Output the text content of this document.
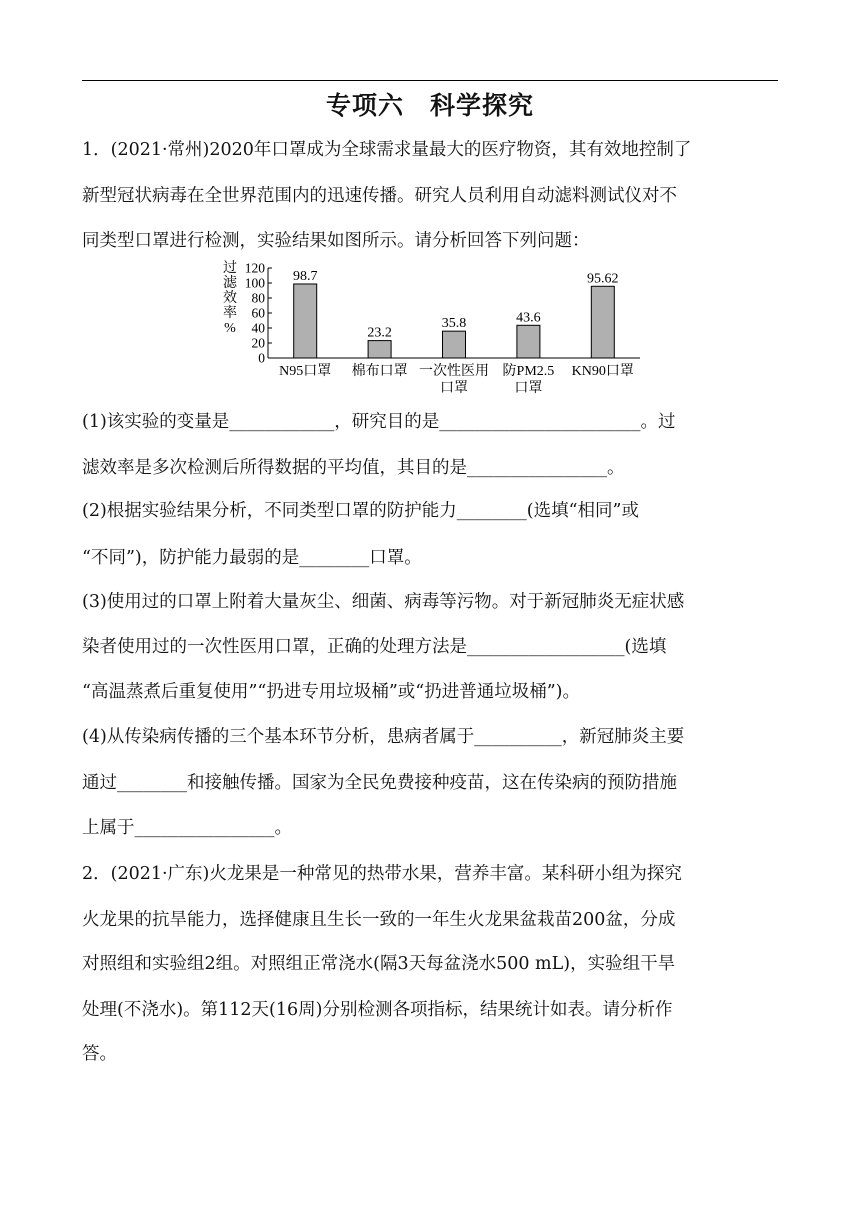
专项六　科学探究
1．(2021·常州)2020年口罩成为全球需求量最大的医疗物资，其有效地控制了
新型冠状病毒在全世界范围内的迅速传播。研究人员利用自动滤料测试仪对不
同类型口罩进行检测，实验结果如图所示。请分析回答下列问题：
过
滤
效
率
%
0
20
40
60
80
100
120
98.7
N95口罩
23.2
棉布口罩
35.8
一次性医用
口罩
43.6
防PM2.5
口罩
95.62
KN90口罩
(1)该实验的变量是____________，研究目的是_______________________。过
滤效率是多次检测后所得数据的平均值，其目的是________________。
(2)根据实验结果分析，不同类型口罩的防护能力________(选填“相同”或
“不同”)，防护能力最弱的是________口罩。
(3)使用过的口罩上附着大量灰尘、细菌、病毒等污物。对于新冠肺炎无症状感
染者使用过的一次性医用口罩，正确的处理方法是__________________(选填
“高温蒸煮后重复使用”“扔进专用垃圾桶”或“扔进普通垃圾桶”)。
(4)从传染病传播的三个基本环节分析，患病者属于__________，新冠肺炎主要
通过________和接触传播。国家为全民免费接种疫苗，这在传染病的预防措施
上属于________________。
2．(2021·广东)火龙果是一种常见的热带水果，营养丰富。某科研小组为探究
火龙果的抗旱能力，选择健康且生长一致的一年生火龙果盆栽苗200盆，分成
对照组和实验组2组。对照组正常浇水(隔3天每盆浇水500 mL)，实验组干旱
处理(不浇水)。第112天(16周)分别检测各项指标，结果统计如表。请分析作
答。
